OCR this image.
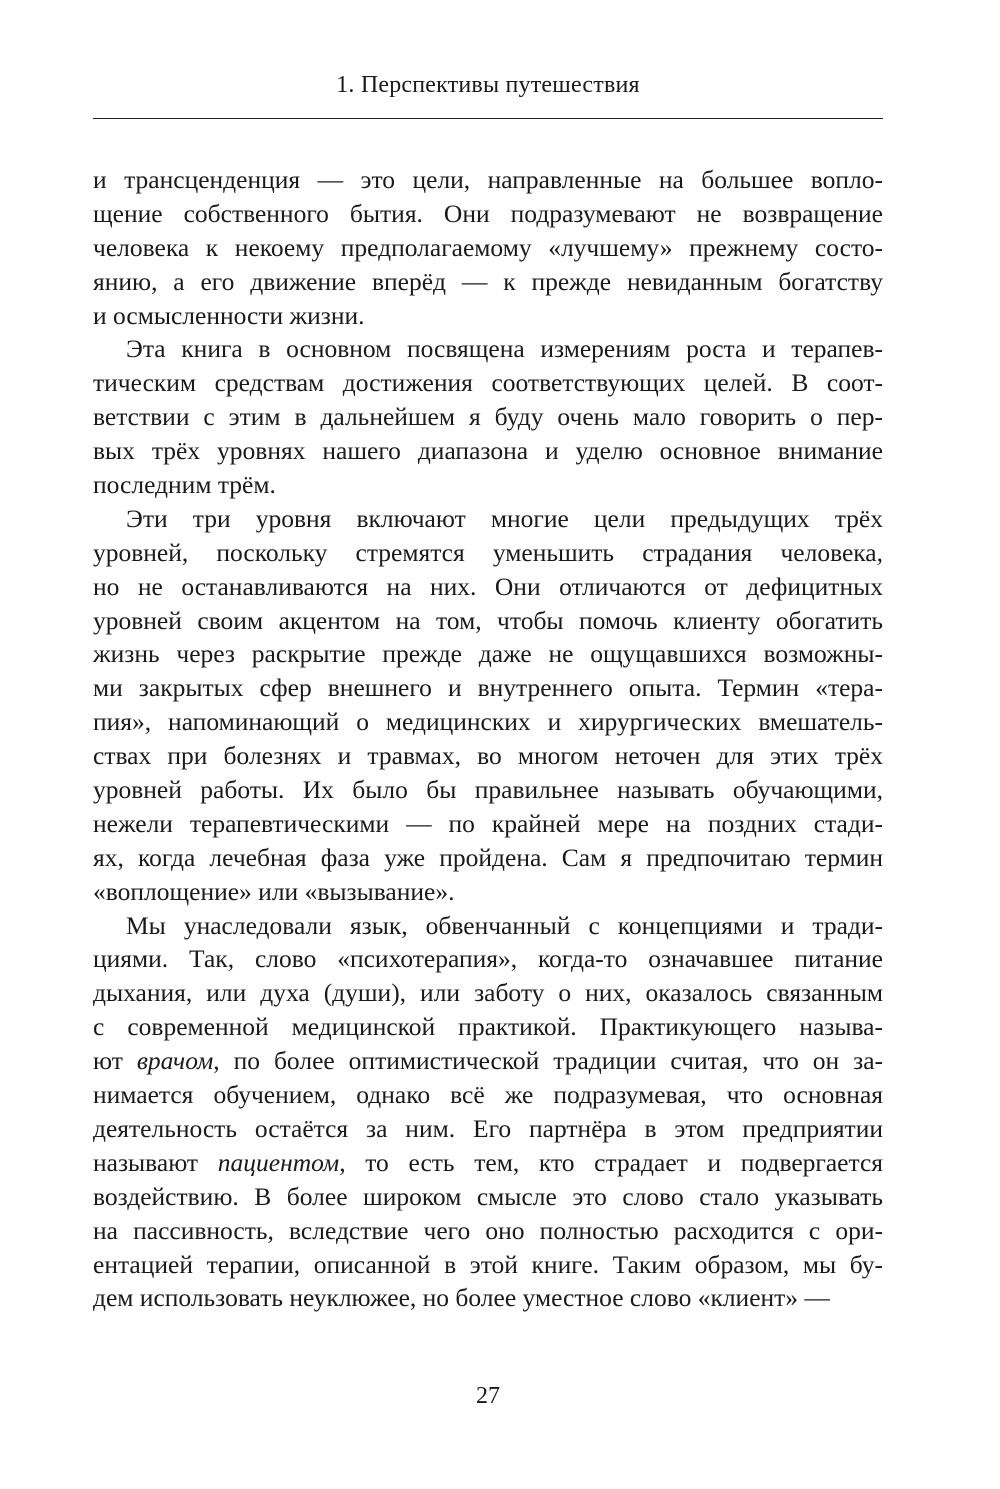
1. Перспективы путешествия
и трансценденция — это цели, направленные на большее вопло-
щение собственного бытия. Они подразумевают не возвращение
человека к некоему предполагаемому «лучшему» прежнему состо-
янию, а его движение вперёд — к прежде невиданным богатству
и осмысленности жизни.
Эта книга в основном посвящена измерениям роста и терапев-
тическим средствам достижения соответствующих целей. В соот-
ветствии с этим в дальнейшем я буду очень мало говорить о пер-
вых трёх уровнях нашего диапазона и уделю основное внимание
последним трём.
Эти три уровня включают многие цели предыдущих трёх
уровней, поскольку стремятся уменьшить страдания человека,
но не останавливаются на них. Они отличаются от дефицитных
уровней своим акцентом на том, чтобы помочь клиенту обогатить
жизнь через раскрытие прежде даже не ощущавшихся возможны-
ми закрытых сфер внешнего и внутреннего опыта. Термин «тера-
пия», напоминающий о медицинских и хирургических вмешатель-
ствах при болезнях и травмах, во многом неточен для этих трёх
уровней работы. Их было бы правильнее называть обучающими,
нежели терапевтическими — по крайней мере на поздних стади-
ях, когда лечебная фаза уже пройдена. Сам я предпочитаю термин
«воплощение» или «вызывание».
Мы унаследовали язык, обвенчанный с концепциями и тради-
циями. Так, слово «психотерапия», когда-то означавшее питание
дыхания, или духа (души), или заботу о них, оказалось связанным
с современной медицинской практикой. Практикующего называ-
ют врачом, по более оптимистической традиции считая, что он за-
нимается обучением, однако всё же подразумевая, что основная
деятельность остаётся за ним. Его партнёра в этом предприятии
называют пациентом, то есть тем, кто страдает и подвергается
воздействию. В более широком смысле это слово стало указывать
на пассивность, вследствие чего оно полностью расходится с ори-
ентацией терапии, описанной в этой книге. Таким образом, мы бу-
дем использовать неуклюжее, но более уместное слово «клиент» —
27
